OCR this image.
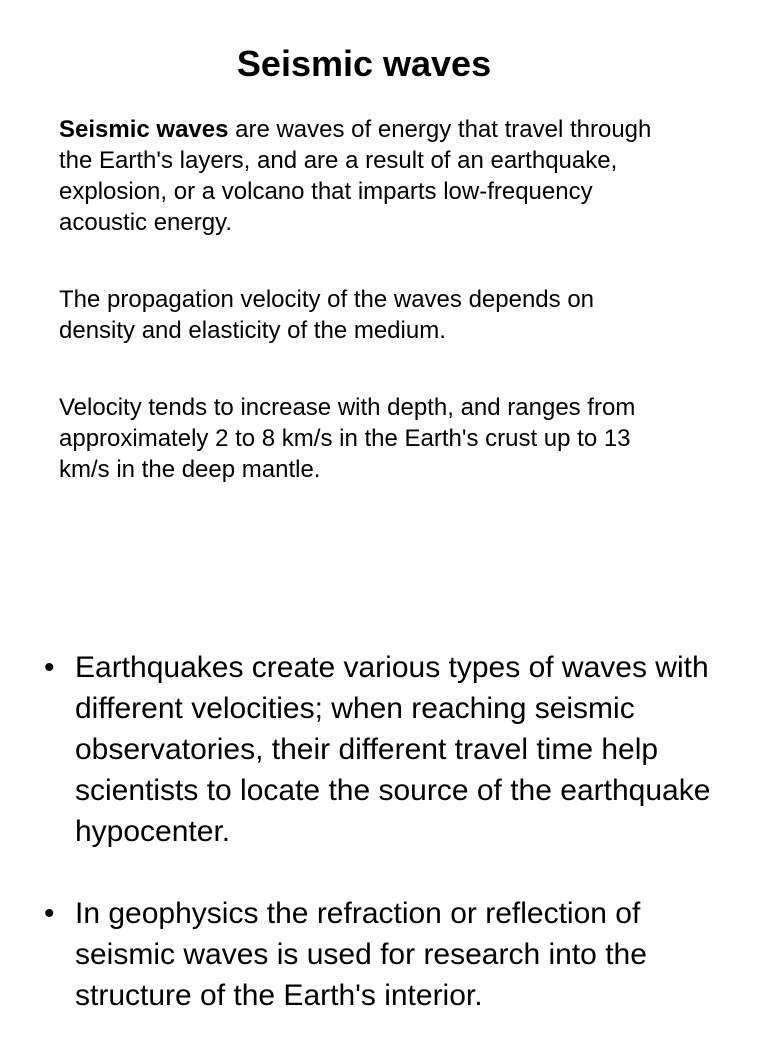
Seismic waves

Seismic waves are waves of energy that travel through the Earth's layers, and are a result of an earthquake, explosion, or a volcano that imparts low-frequency acoustic energy.

The propagation velocity of the waves depends on density and elasticity of the medium.

Velocity tends to increase with depth, and ranges from approximately 2 to 8 km/s in the Earth's crust up to 13 km/s in the deep mantle.

• Earthquakes create various types of waves with different velocities; when reaching seismic observatories, their different travel time help scientists to locate the source of the earthquake hypocenter.
• In geophysics the refraction or reflection of seismic waves is used for research into the structure of the Earth's interior.
